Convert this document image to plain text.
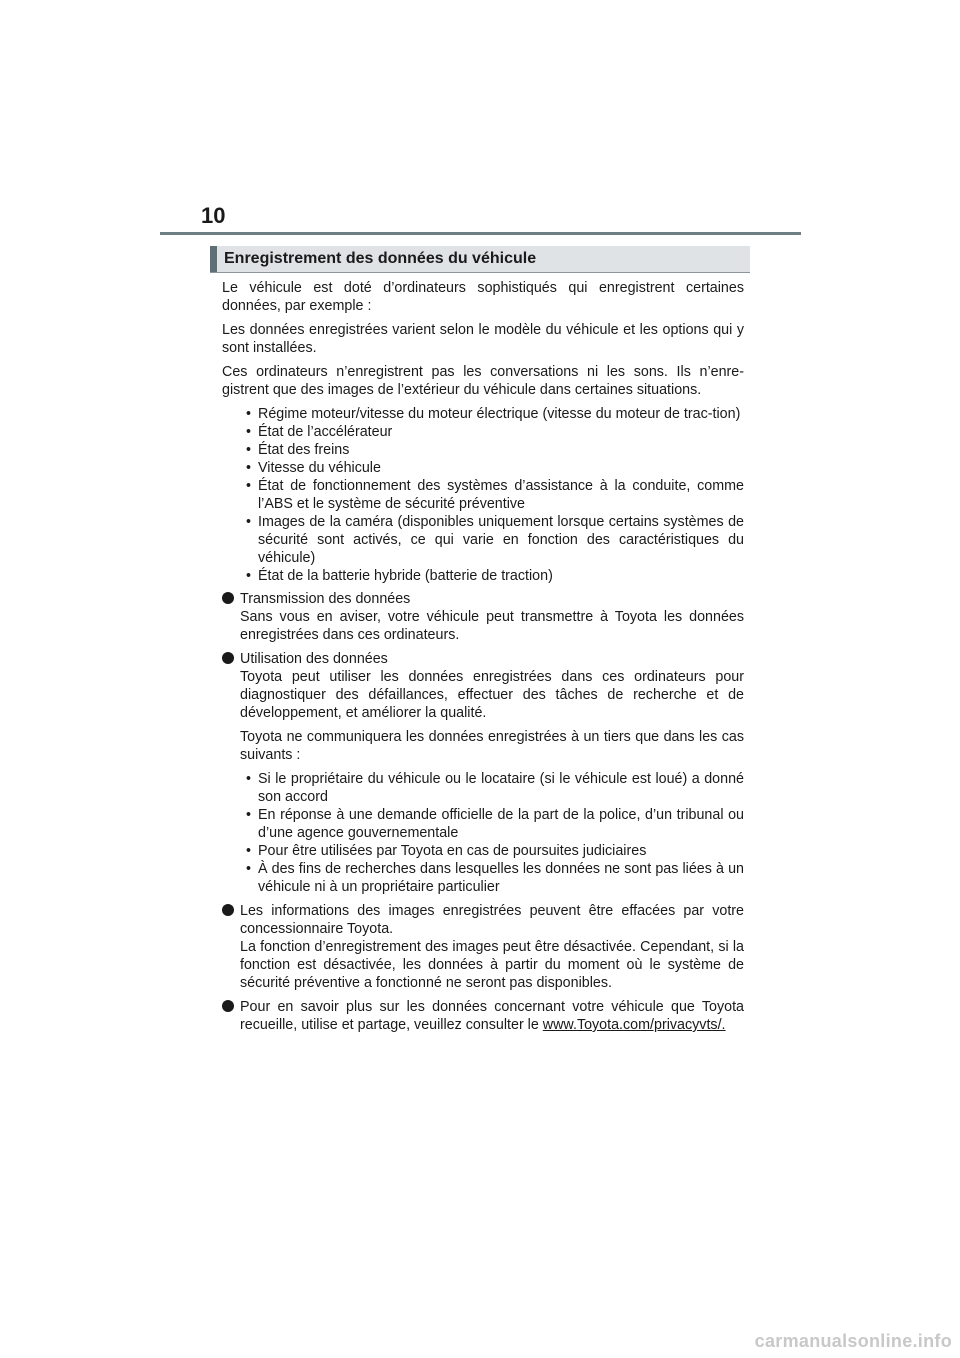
10
Enregistrement des données du véhicule

Le véhicule est doté d’ordinateurs sophistiqués qui enregistrent certaines données, par exemple :

Les données enregistrées varient selon le modèle du véhicule et les options qui y sont installées.

Ces ordinateurs n’enregistrent pas les conversations ni les sons. Ils n’enre-gistrent que des images de l’extérieur du véhicule dans certaines situations.

• Régime moteur/vitesse du moteur électrique (vitesse du moteur de trac-tion)
• État de l’accélérateur
• État des freins
• Vitesse du véhicule
• État de fonctionnement des systèmes d’assistance à la conduite, comme l’ABS et le système de sécurité préventive
• Images de la caméra (disponibles uniquement lorsque certains systèmes de sécurité sont activés, ce qui varie en fonction des caractéristiques du véhicule)
• État de la batterie hybride (batterie de traction)
Transmission des données

Sans vous en aviser, votre véhicule peut transmettre à Toyota les données enregistrées dans ces ordinateurs.

Utilisation des données

Toyota peut utiliser les données enregistrées dans ces ordinateurs pour diagnostiquer des défaillances, effectuer des tâches de recherche et de développement, et améliorer la qualité.

Toyota ne communiquera les données enregistrées à un tiers que dans les cas suivants :

• Si le propriétaire du véhicule ou le locataire (si le véhicule est loué) a donné son accord
• En réponse à une demande officielle de la part de la police, d’un tribunal ou d’une agence gouvernementale
• Pour être utilisées par Toyota en cas de poursuites judiciaires
• À des fins de recherches dans lesquelles les données ne sont pas liées à un véhicule ni à un propriétaire particulier
Les informations des images enregistrées peuvent être effacées par votre concessionnaire Toyota.

La fonction d’enregistrement des images peut être désactivée. Cependant, si la fonction est désactivée, les données à partir du moment où le système de sécurité préventive a fonctionné ne seront pas disponibles.

Pour en savoir plus sur les données concernant votre véhicule que Toyota recueille, utilise et partage, veuillez consulter le www.Toyota.com/privacyvts/.
carmanualsonline.info
